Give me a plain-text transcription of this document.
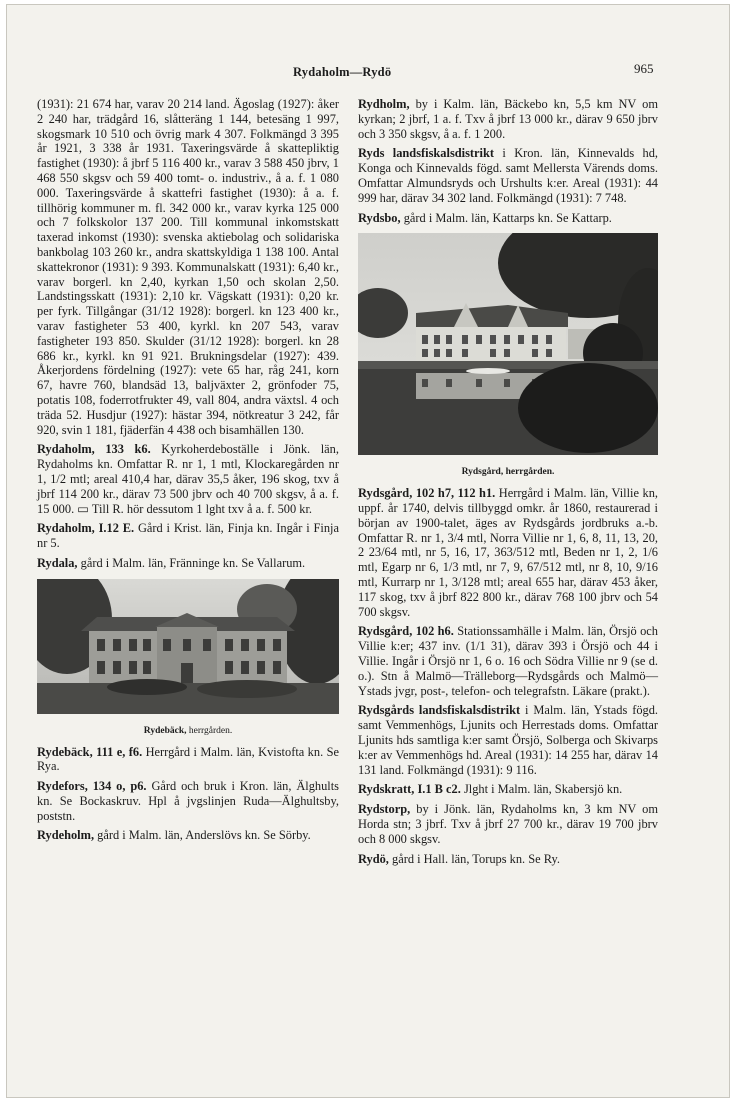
Rydaholm—Rydö	965

(1931): 21 674 har, varav 20 214 land. Ägoslag (1927): åker 2 240 har, trädgård 16, slåtteräng 1 144, betesäng 1 997, skogsmark 10 510 och övrig mark 4 307. Folkmängd 3 395 år 1921, 3 338 år 1931. Taxeringsvärde å skattepliktig fastighet (1930): å jbrf 5 116 400 kr., varav 3 588 450 jbrv, 1 468 550 skgsv och 59 400 tomt- o. industriv., å a. f. 1 080 000. Taxeringsvärde å skattefri fastighet (1930): å a. f. tillhörig kommuner m. fl. 342 000 kr., varav kyrka 125 000 och 7 folkskolor 137 200. Till kommunal inkomstskatt taxerad inkomst (1930): svenska aktiebolag och solidariska bankbolag 103 260 kr., andra skattskyldiga 1 138 100. Antal skattekronor (1931): 9 393. Kommunalskatt (1931): 6,40 kr., varav borgerl. kn 2,40, kyrkan 1,50 och skolan 2,50. Landstingsskatt (1931): 2,10 kr. Vägskatt (1931): 0,20 kr. per fyrk. Tillgångar (31/12 1928): borgerl. kn 123 400 kr., varav fastigheter 53 400, kyrkl. kn 207 543, varav fastigheter 193 850. Skulder (31/12 1928): borgerl. kn 28 686 kr., kyrkl. kn 91 921. Brukningsdelar (1927): 439. Åkerjordens fördelning (1927): vete 65 har, råg 241, korn 67, havre 760, blandsäd 13, baljväxter 2, grönfoder 75, potatis 108, foderrotfrukter 49, vall 804, andra växtsl. 4 och träda 52. Husdjur (1927): hästar 394, nötkreatur 3 242, får 920, svin 1 181, fjäderfän 4 438 och bisamhällen 130.

Rydaholm, 133 k6. Kyrkoherdeboställe i Jönk. län, Rydaholms kn. Omfattar R. nr 1, 1 mtl, Klockaregården nr 1, 1/2 mtl; areal 410,4 har, därav 35,5 åker, 196 skog, txv å jbrf 114 200 kr., därav 73 500 jbrv och 40 700 skgsv, å a. f. 15 000. ▭ Till R. hör dessutom 1 lght txv å a. f. 500 kr.

Rydaholm, I.12 E. Gård i Krist. län, Finja kn. Ingår i Finja nr 5.

Rydala, gård i Malm. län, Fränninge kn. Se Vallarum.

Rydebäck, herrgården.

Rydebäck, 111 e, f6. Herrgård i Malm. län, Kvistofta kn. Se Rya.

Rydefors, 134 o, p6. Gård och bruk i Kron. län, Älghults kn. Se Bockaskruv. Hpl å jvgslinjen Ruda—Älghultsby, poststn.

Rydeholm, gård i Malm. län, Anderslövs kn. Se Sörby.

Rydholm, by i Kalm. län, Bäckebo kn, 5,5 km NV om kyrkan; 2 jbrf, 1 a. f. Txv å jbrf 13 000 kr., därav 9 650 jbrv och 3 350 skgsv, å a. f. 1 200.

Ryds landsfiskalsdistrikt i Kron. län, Kinnevalds hd, Konga och Kinnevalds fögd. samt Mellersta Värends doms. Omfattar Almundsryds och Urshults k:er. Areal (1931): 44 999 har, därav 34 302 land. Folkmängd (1931): 7 748.

Rydsbo, gård i Malm. län, Kattarps kn. Se Kattarp.

Rydsgård, herrgården.

Rydsgård, 102 h7, 112 h1. Herrgård i Malm. län, Villie kn, uppf. år 1740, delvis tillbyggd omkr. år 1860, restaurerad i början av 1900-talet, äges av Rydsgårds jordbruks a.-b. Omfattar R. nr 1, 3/4 mtl, Norra Villie nr 1, 6, 8, 11, 13, 20, 2 23/64 mtl, nr 5, 16, 17, 363/512 mtl, Beden nr 1, 2, 1/6 mtl, Egarp nr 6, 1/3 mtl, nr 7, 9, 67/512 mtl, nr 8, 10, 9/16 mtl, Kurrarp nr 1, 3/128 mtl; areal 655 har, därav 453 åker, 117 skog, txv å jbrf 822 800 kr., därav 768 100 jbrv och 54 700 skgsv.

Rydsgård, 102 h6. Stationssamhälle i Malm. län, Örsjö och Villie k:er; 437 inv. (1/1 31), därav 393 i Örsjö och 44 i Villie. Ingår i Örsjö nr 1, 6 o. 16 och Södra Villie nr 9 (se d. o.). Stn å Malmö—Trälleborg—Rydsgårds och Malmö—Ystads jvgr, post-, telefon- och telegrafstn. Läkare (prakt.).

Rydsgårds landsfiskalsdistrikt i Malm. län, Ystads fögd. samt Vemmenhögs, Ljunits och Herrestads doms. Omfattar Ljunits hds samtliga k:er samt Örsjö, Solberga och Skivarps k:er av Vemmenhögs hd. Areal (1931): 14 255 har, därav 14 131 land. Folkmängd (1931): 9 116.

Rydskratt, I.1 B c2. Jlght i Malm. län, Skabersjö kn.

Rydstorp, by i Jönk. län, Rydaholms kn, 3 km NV om Horda stn; 3 jbrf. Txv å jbrf 27 700 kr., därav 19 700 jbrv och 8 000 skgsv.

Rydö, gård i Hall. län, Torups kn. Se Ry.
